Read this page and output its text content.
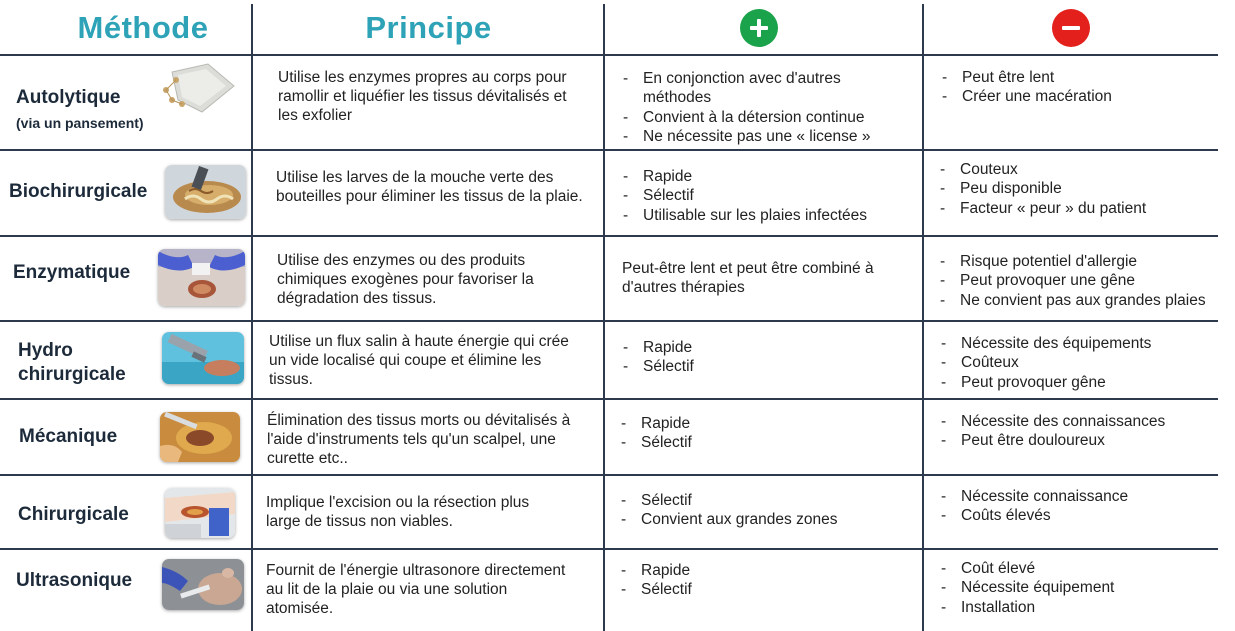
Méthode	Principe
Autolytique
(via un pansement)
Utilise les enzymes propres au corps pour ramollir et liquéfier les tissus dévitalisés et les exfolier
- En conjonction avec d'autres méthodes
- Convient à la détersion continue
- Ne nécessite pas une « license »
- Peut être lent
- Créer une macération
Biochirurgicale
Utilise les larves de la mouche verte des bouteilles pour éliminer les tissus de la plaie.
- Rapide
- Sélectif
- Utilisable sur les plaies infectées
- Couteux
- Peu disponible
- Facteur « peur » du patient
Enzymatique
Utilise des enzymes ou des produits chimiques exogènes pour favoriser la dégradation des tissus.
Peut-être lent et peut être combiné à d'autres thérapies
- Risque potentiel d'allergie
- Peut provoquer une gêne
- Ne convient pas aux grandes plaies
Hydro
chirurgicale
Utilise un flux salin à haute énergie qui crée un vide localisé qui coupe et élimine les tissus.
- Rapide
- Sélectif
- Nécessite des équipements
- Coûteux
- Peut provoquer gêne
Mécanique
Élimination des tissus morts ou dévitalisés à l'aide d'instruments tels qu'un scalpel, une curette etc..
- Rapide
- Sélectif
- Nécessite des connaissances
- Peut être douloureux
Chirurgicale
Implique l'excision ou la résection plus large de tissus non viables.
- Sélectif
- Convient aux grandes zones
- Nécessite connaissance
- Coûts élevés
Ultrasonique	Fournit de l'énergie ultrasonore directement au lit de la plaie ou via une solution atomisée.
- Rapide
- Sélectif
- Coût élevé
- Nécessite équipement
- Installation
